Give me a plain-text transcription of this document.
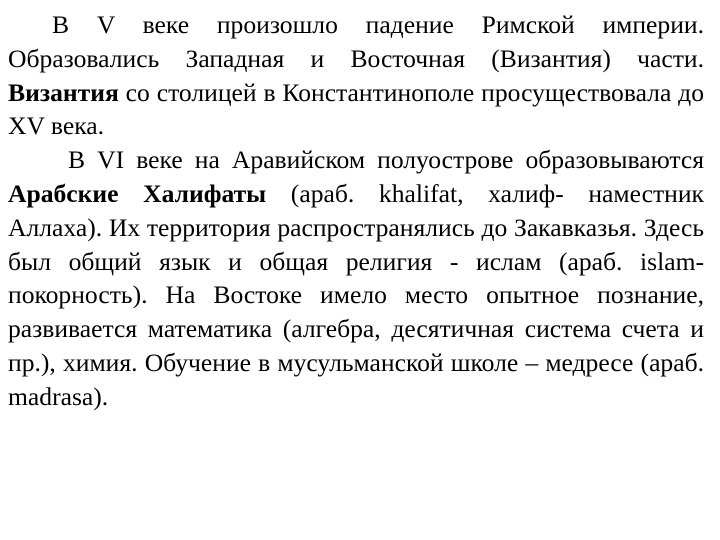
В V веке произошло падение Римской империи. Образовались Западная и Восточная (Византия) части. Византия со столицей в Константинополе просуществовала до XV века.

В VI веке на Аравийском полуострове образовываются Арабские Халифаты (араб. khalifat, халиф- наместник Аллаха). Их территория распространялись до Закавказья. Здесь был общий язык и общая религия - ислам (араб. islam- покорность). На Востоке имело место опытное познание, развивается математика (алгебра, десятичная система счета и пр.), химия. Обучение в мусульманской школе – медресе (араб. madrasa).
